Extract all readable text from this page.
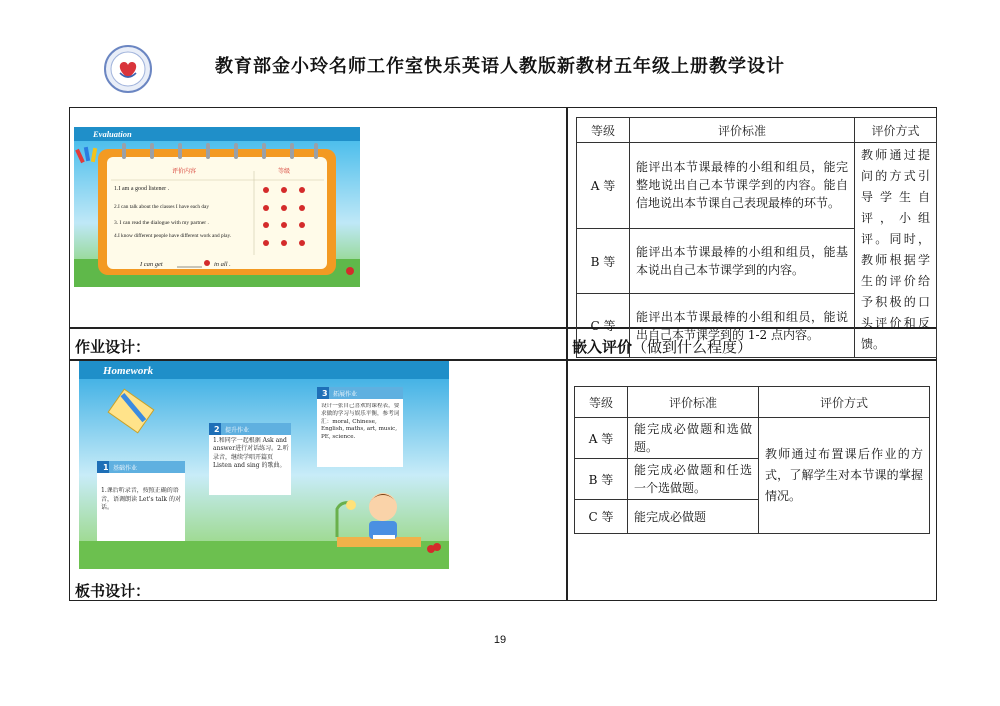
教育部金小玲名师工作室快乐英语人教版新教材五年级上册教学设计
Evaluation
评价内容	等级
1.I am a good listener .
2.I can talk about the classes I have each day
3. I can read the dialogue with my partner .
4.I know different people have different work and play.
I can get	in all .
等级	评价标准	评价方式
A 等	能评出本节课最棒的小组和组员，能完整地说出自己本节课学到的内容。能自信地说出本节课自己表现最棒的环节。	教师通过提问的方式引导学生自评，小组评。同时，教师根据学生的评价给予积极的口头评价和反馈。
B 等	能评出本节课最棒的小组和组员，能基本说出自己本节课学到的内容。	
C 等	能评出本节课最棒的小组和组员，能说出自己本节课学到的 1-2 点内容。	
作业设计：	嵌入评价（做到什么程度）
板书设计：
Homework
1 基础作业
1.课后听录音，按照正确的语音，语调朗读 Let's talk 的对话。
2 提升作业
1.和同学一起根据 Ask and answer进行对话练习。2.听录音，继续学唱开篇页 Listen and sing 的歌曲。
3 拓展作业
设计一张自己喜欢的课程表，要求做的学习与娱乐平衡，参考词汇：moral, Chinese, English, maths, art, music, PE, science.
等级	评价标准	评价方式
A 等	能完成必做题和选做题。	教师通过布置课后作业的方式，了解学生对本节课的掌握情况。
B 等	能完成必做题和任选一个选做题。	
C 等	能完成必做题	
19
